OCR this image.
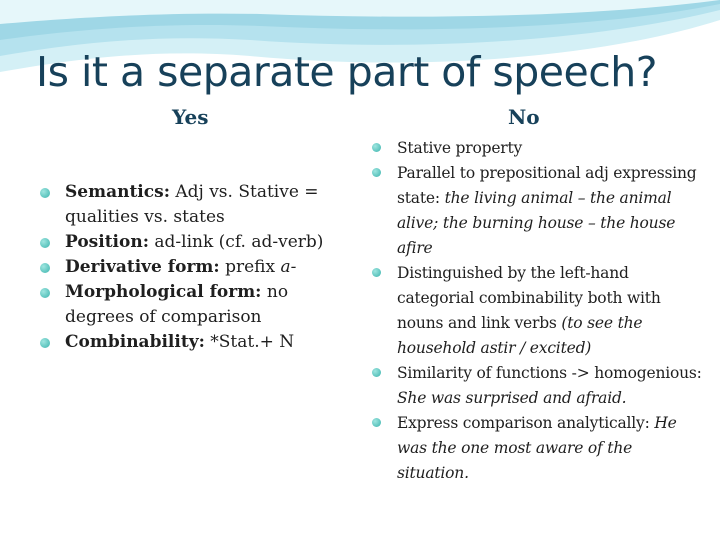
Is it a separate part of speech?
Yes	No
Semantics: Adj vs. Stative = qualities vs. states
Position: ad-link (cf. ad-verb)
Derivative form: prefix a-
Morphological form: no degrees of comparison
Combinability: *Stat.+ N
Stative property
Parallel to prepositional adj expressing state: the living animal – the animal alive; the burning house – the house afire
Distinguished by the left-hand categorial combinability both with nouns and link verbs (to see the household astir / excited)
Similarity of functions -> homogenious: She was surprised and afraid.
Express comparison analytically: He was the one most aware of the situation.
